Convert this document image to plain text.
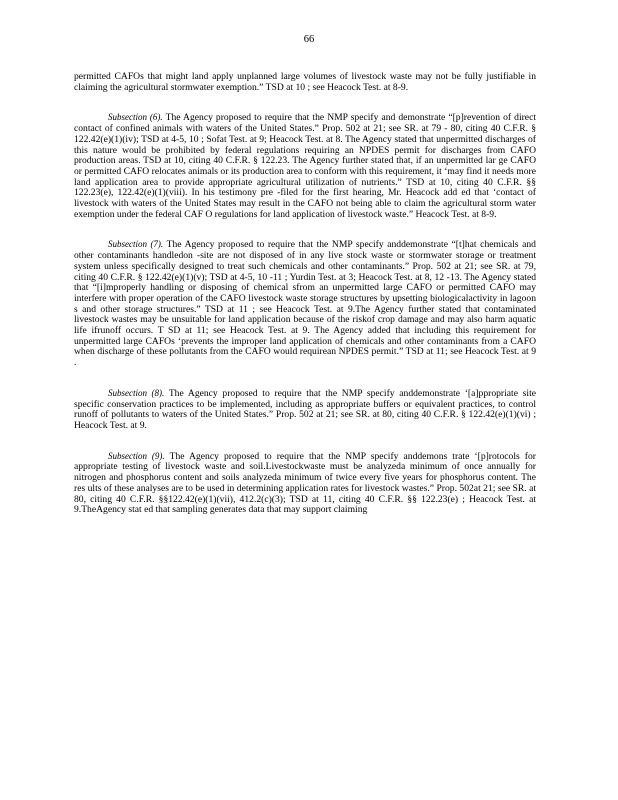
66

permitted CAFOs that might land apply unplanned large volumes of livestock waste may not be fully justifiable in claiming the agricultural stormwater exemption.” TSD at 10 ; see Heacock Test. at 8-9.

Subsection (6). The Agency proposed to require that the NMP specify and demonstrate “[p]revention of direct contact of confined animals with waters of the United States.” Prop. 502 at 21; see SR. at 79 - 80, citing 40 C.F.R. § 122.42(e)(1)(iv); TSD at 4-5, 10 ; Sofat Test. at 9; Heacock Test. at 8. The Agency stated that unpermitted discharges of this nature would be prohibited by federal regulations requiring an NPDES permit for discharges from CAFO production areas. TSD at 10, citing 40 C.F.R. § 122.23. The Agency further stated that, if an unpermitted lar ge CAFO or permitted CAFO relocates animals or its production area to conform with this requirement, it ‘may find it needs more land application area to provide appropriate agricultural utilization of nutrients.” TSD at 10, citing 40 C.F.R. §§ 122.23(e), 122.42(e)(1)(viii). In his testimony pre -filed for the first hearing, Mr. Heacock add ed that ‘contact of livestock with waters of the United States may result in the CAFO not being able to claim the agricultural storm water exemption under the federal CAF O regulations for land application of livestock waste.” Heacock Test. at 8-9.

Subsection (7). The Agency proposed to require that the NMP specify anddemonstrate “[t]hat chemicals and other contaminants handledon -site are not disposed of in any live stock waste or stormwater storage or treatment system unless specifically designed to treat such chemicals and other contaminants.” Prop. 502 at 21; see SR. at 79, citing 40 C.F.R. § 122.42(e)(1)(v); TSD at 4-5, 10 -11 ; Yurdin Test. at 3; Heacock Test. at 8, 12 -13. The Agency stated that “[i]mproperly handling or disposing of chemical sfrom an unpermitted large CAFO or permitted CAFO may interfere with proper operation of the CAFO livestock waste storage structures by upsetting biologicalactivity in lagoon s and other storage structures.” TSD at 11 ; see Heacock Test. at 9.The Agency further stated that contaminated livestock wastes may be unsuitable for land application because of the riskof crop damage and may also harm aquatic life ifrunoff occurs. T SD at 11; see Heacock Test. at 9. The Agency added that including this requirement for unpermitted large CAFOs ‘prevents the improper land application of chemicals and other contaminants from a CAFO when discharge of these pollutants from the CAFO would requirean NPDES permit.” TSD at 11; see Heacock Test. at 9 .

Subsection (8). The Agency proposed to require that the NMP specify anddemonstrate ‘[a]ppropriate site specific conservation practices to be implemented, including as appropriate buffers or equivalent practices, to control runoff of pollutants to waters of the United States.” Prop. 502 at 21; see SR. at 80, citing 40 C.F.R. § 122.42(e)(1)(vi) ; Heacock Test. at 9.

Subsection (9). The Agency proposed to require that the NMP specify anddemons trate ‘[p]rotocols for appropriate testing of livestock waste and soil.Livestockwaste must be analyzeda minimum of once annually for nitrogen and phosphorus content and soils analyzeda minimum of twice every five years for phosphorus content. The res ults of these analyses are to be used in determining application rates for livestock wastes.” Prop. 502at 21; see SR. at 80, citing 40 C.F.R. §§122.42(e)(1)(vii), 412.2(c)(3); TSD at 11, citing 40 C.F.R. §§ 122.23(e) ; Heacock Test. at 9.TheAgency stat ed that sampling generates data that may support claiming
